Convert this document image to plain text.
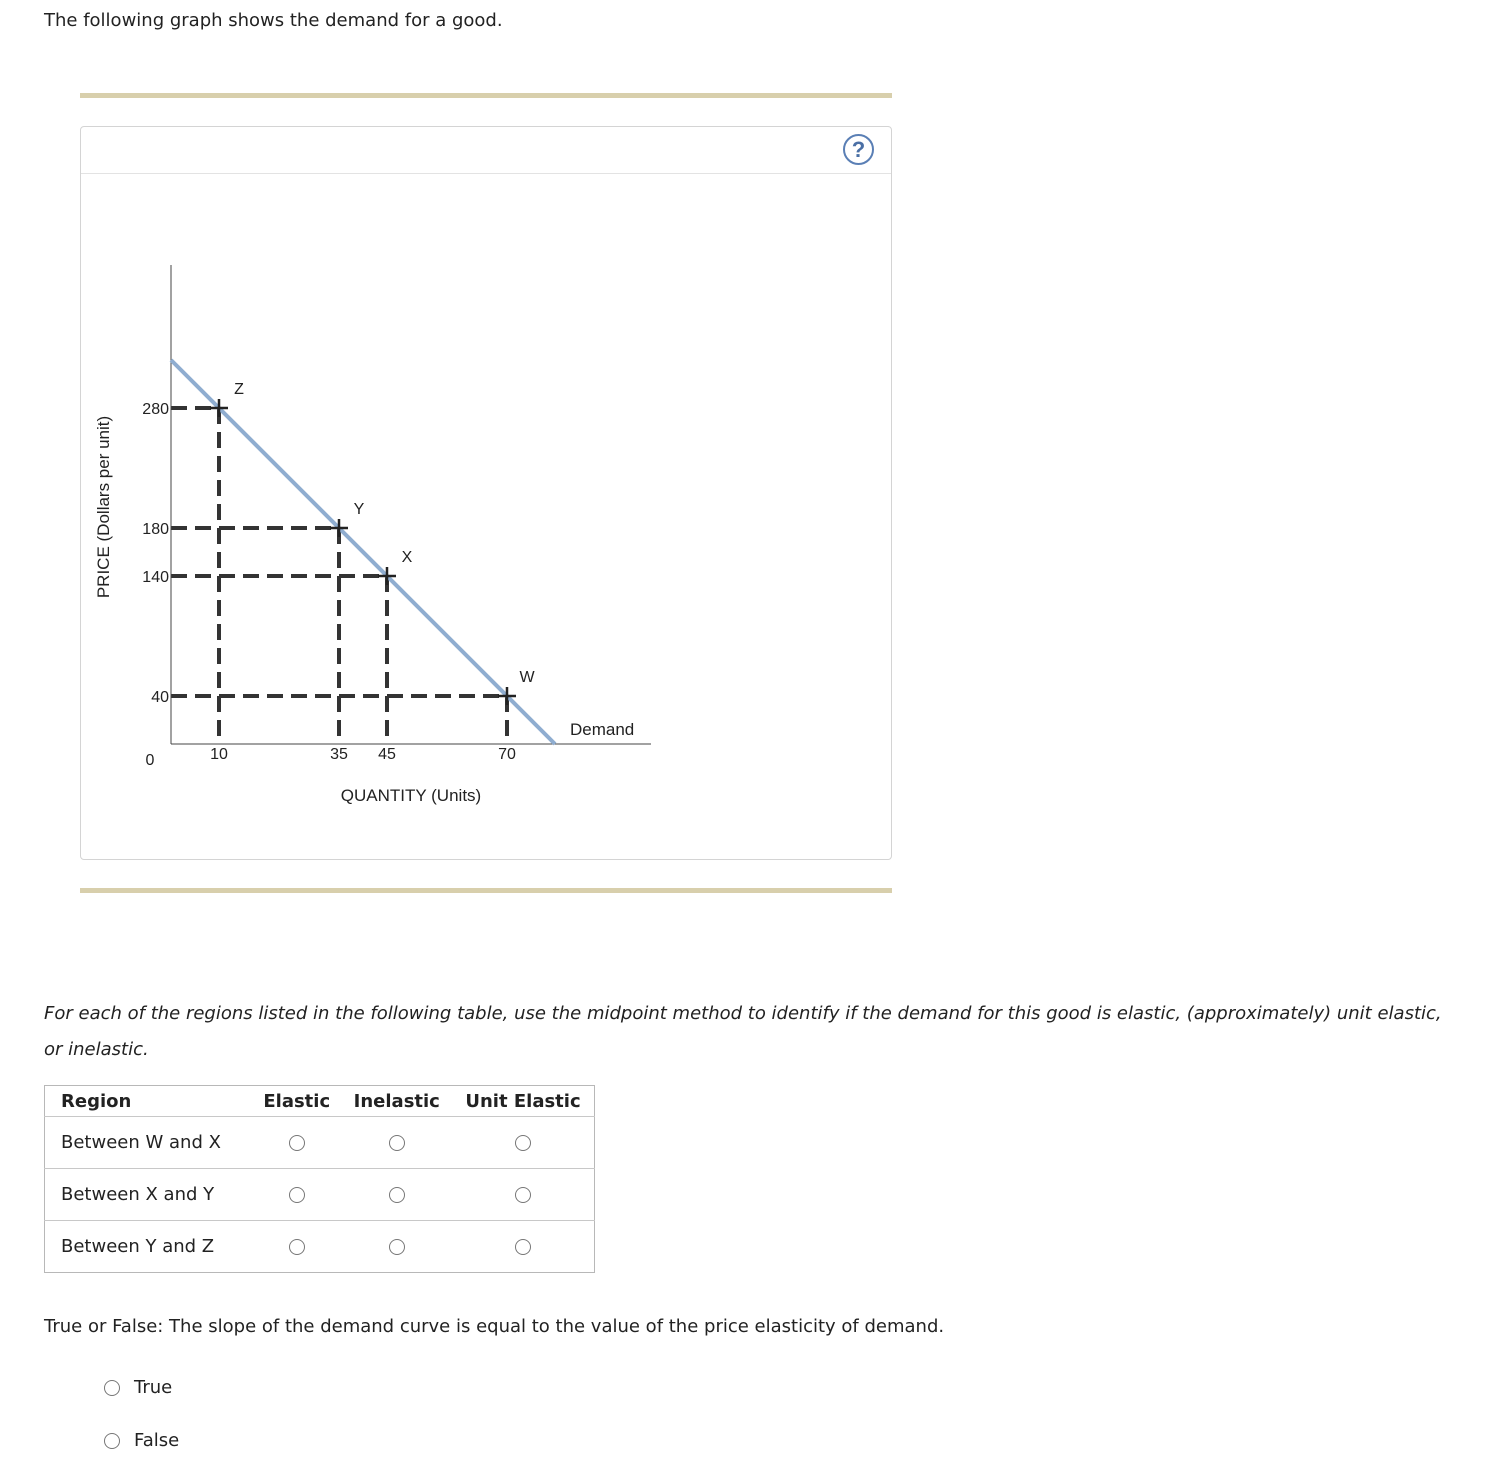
The following graph shows the demand for a good.
?
280
180
140
40
10	35 45	70
Z
Y
X
W
0
Demand
QUANTITY (Units)
PRICE (Dollars per unit)
For each of the regions listed in the following table, use the midpoint method to identify if the demand for this good is elastic, (approximately) unit elastic, or inelastic.
Region	Elastic	Inelastic	Unit Elastic
Between W and X			
Between X and Y			
Between Y and Z			
True or False: The slope of the demand curve is equal to the value of the price elasticity of demand.
True
False
